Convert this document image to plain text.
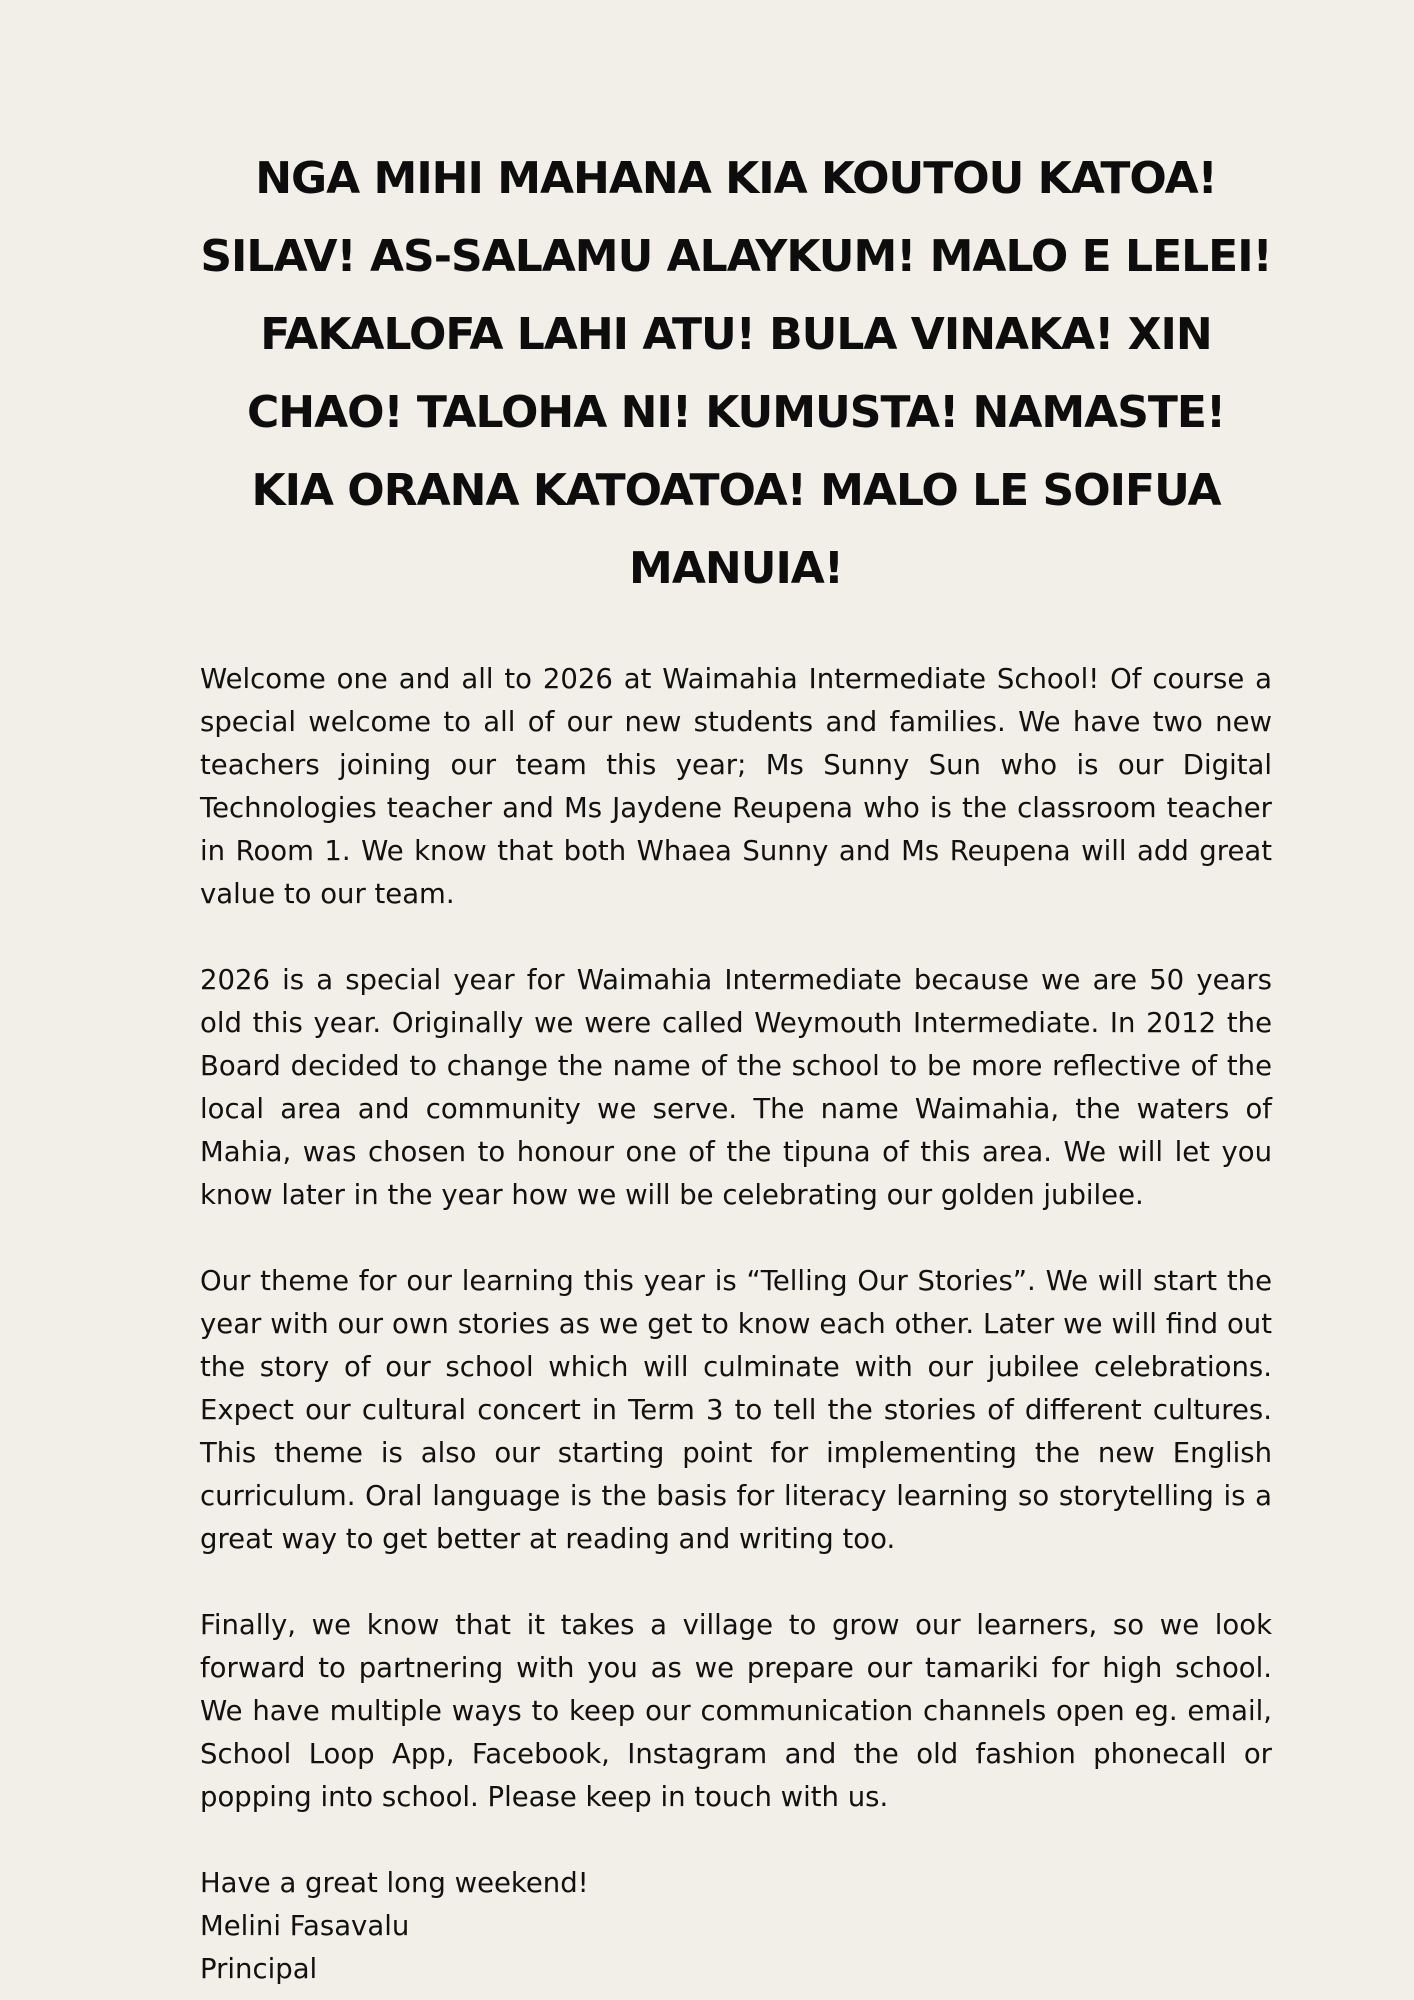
NGA MIHI MAHANA KIA KOUTOU KATOA! SILAV! AS-SALAMU ALAYKUM! MALO E LELEI! FAKALOFA LAHI ATU! BULA VINAKA! XIN CHAO! TALOHA NI! KUMUSTA! NAMASTE! KIA ORANA KATOATOA! MALO LE SOIFUA MANUIA!

Welcome one and all to 2026 at Waimahia Intermediate School! Of course a special welcome to all of our new students and families. We have two new teachers joining our team this year; Ms Sunny Sun who is our Digital Technologies teacher and Ms Jaydene Reupena who is the classroom teacher in Room 1. We know that both Whaea Sunny and Ms Reupena will add great value to our team.

2026 is a special year for Waimahia Intermediate because we are 50 years old this year. Originally we were called Weymouth Intermediate. In 2012 the Board decided to change the name of the school to be more reflective of the local area and community we serve. The name Waimahia, the waters of Mahia, was chosen to honour one of the tipuna of this area. We will let you know later in the year how we will be celebrating our golden jubilee.

Our theme for our learning this year is “Telling Our Stories”. We will start the year with our own stories as we get to know each other. Later we will find out the story of our school which will culminate with our jubilee celebrations. Expect our cultural concert in Term 3 to tell the stories of different cultures. This theme is also our starting point for implementing the new English curriculum. Oral language is the basis for literacy learning so storytelling is a great way to get better at reading and writing too.

Finally, we know that it takes a village to grow our learners, so we look forward to partnering with you as we prepare our tamariki for high school. We have multiple ways to keep our communication channels open eg. email, School Loop App, Facebook, Instagram and the old fashion phonecall or popping into school. Please keep in touch with us.

Have a great long weekend!
Melini Fasavalu
Principal
